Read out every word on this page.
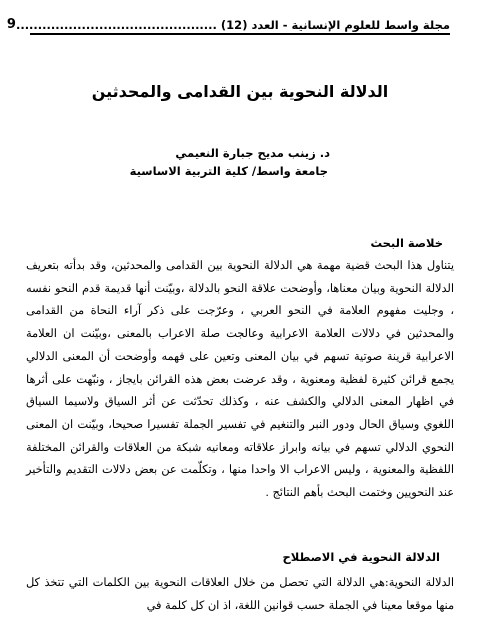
مجلة واسط للعلوم الإنسانية - العدد (12) ..............................................
9
الدلالة النحوية بين القدامى والمحدثين
د. زينب مديح جبارة النعيمي
جامعة واسط/ كلية التربية الاساسية
خلاصة البحث
يتناول هذا البحث قضية مهمة هي الدلالة النحوية بين القدامى والمحدثين، وقد بدأته بتعريف الدلالة النحوية وبيان معناها، وأوضحت علاقة النحو بالدلالة ،وبيّنت أنها قديمة قدم النحو نفسه ، وجليت مفهوم العلامة في النحو العربي ، وعرّجت على ذكر آراء النحاة من القدامى والمحدثين في دلالات العلامة الاعرابية وعالجت صلة الاعراب بالمعنى ،وبيّنت ان العلامة الاعرابية قرينة صوتية تسهم في بيان المعنى وتعين على فهمه وأوضحت أن المعنى الدلالي يجمع قرائن كثيرة لفظية ومعنوية ، وقد عرضت بعض هذه القرائن بايجاز ، ونبّهت على أثرها في اظهار المعنى الدلالي والكشف عنه ، وكذلك تحدّثت عن أثر السياق ولاسيما السياق اللغوي وسياق الحال ودور النبر والتنغيم في تفسير الجملة تفسيرا صحيحا، وبيّنت ان المعنى النحوي الدلالي تسهم في بيانه وابراز علاقاته ومعانيه شبكة من العلاقات والقرائن المختلفة اللفظية والمعنوية ، وليس الاعراب الا واحدا منها ، وتكلّمت عن بعض دلالات التقديم والتأخير عند النحويين وختمت البحث بأهم النتائج .
الدلالة النحوية في الاصطلاح
الدلالة النحوية:هي الدلالة التي تحصل من خلال العلاقات النحوية بين الكلمات التي تتخذ كل منها موقعا معينا في الجملة حسب قوانين اللغة، اذ ان كل كلمة في
